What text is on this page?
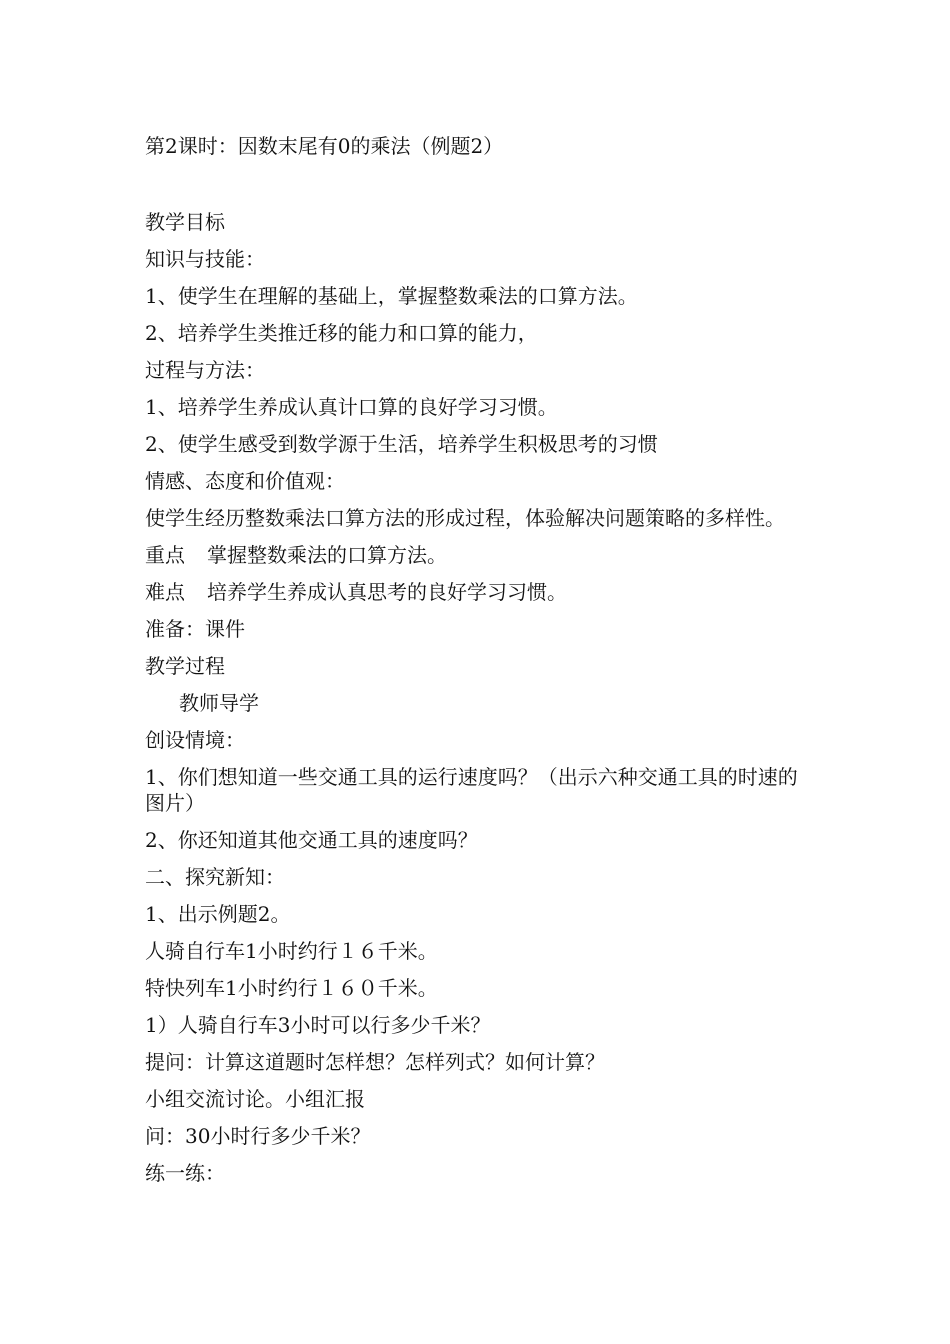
第2课时：因数末尾有0的乘法（例题2）
教学目标
知识与技能：
1、使学生在理解的基础上，掌握整数乘法的口算方法。
2、培养学生类推迁移的能力和口算的能力，
过程与方法：
1、培养学生养成认真计口算的良好学习习惯。
2、使学生感受到数学源于生活，培养学生积极思考的习惯
情感、态度和价值观：
使学生经历整数乘法口算方法的形成过程，体验解决问题策略的多样性。
重点 掌握整数乘法的口算方法。
难点 培养学生养成认真思考的良好学习习惯。
准备：课件
教学过程
教师导学
创设情境：
1、你们想知道一些交通工具的运行速度吗？（出示六种交通工具的时速的图片）
2、你还知道其他交通工具的速度吗？
二、探究新知：
1、出示例题2。
人骑自行车1小时约行１６千米。
特快列车1小时约行１６０千米。
1）人骑自行车3小时可以行多少千米？
提问：计算这道题时怎样想？怎样列式？如何计算？
小组交流讨论。小组汇报
问：30小时行多少千米？
练一练：
